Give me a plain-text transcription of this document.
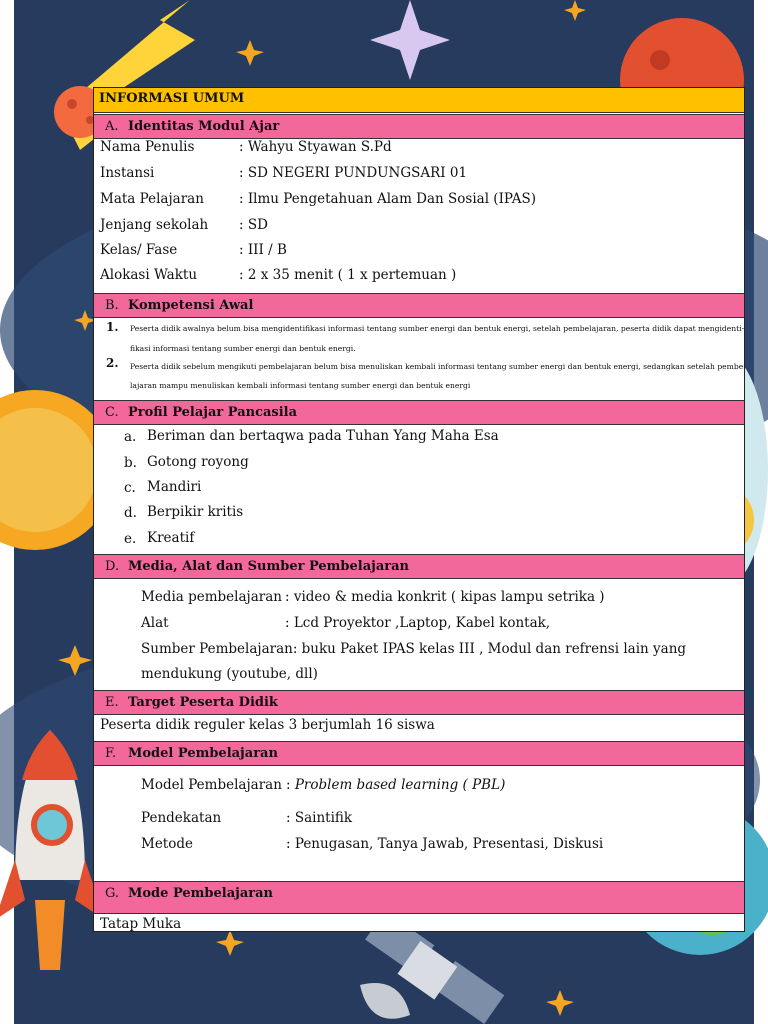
INFORMASI UMUM
A. Identitas Modul Ajar
Nama Penulis	: Wahyu Styawan S.Pd
Instansi	: SD NEGERI PUNDUNGSARI 01
Mata Pelajaran	: Ilmu Pengetahuan Alam Dan Sosial (IPAS)
Jenjang sekolah : SD
Kelas/ Fase	: III / B
Alokasi Waktu	: 2 x 35 menit ( 1 x pertemuan )
B. Kompetensi Awal
1. Peserta didik awalnya belum bisa mengidentifikasi informasi tentang sumber energi dan bentuk energi, setelah pembelajaran, peserta didik dapat mengidenti-
fikasi informasi tentang sumber energi dan bentuk energi.
2. Peserta didik sebelum mengikuti pembelajaran belum bisa menuliskan kembali informasi tentang sumber energi dan bentuk energi, sedangkan setelah pembe-
lajaran mampu menuliskan kembali informasi tentang sumber energi dan bentuk energi
C. Profil Pelajar Pancasila
a. Beriman dan bertaqwa pada Tuhan Yang Maha Esa
b. Gotong royong
c. Mandiri
d. Berpikir kritis
e. Kreatif
D. Media, Alat dan Sumber Pembelajaran
Media pembelajaran : video & media konkrit ( kipas lampu setrika )
Alat	: Lcd Proyektor ,Laptop, Kabel kontak,
Sumber Pembelajaran: buku Paket IPAS kelas III , Modul dan refrensi lain yang
mendukung (youtube, dll)
E. Target Peserta Didik
Peserta didik reguler kelas 3 berjumlah 16 siswa
F. Model Pembelajaran
Model Pembelajaran : Problem based learning ( PBL)
Pendekatan	: Saintifik
Metode	: Penugasan, Tanya Jawab, Presentasi, Diskusi
G. Mode Pembelajaran
Tatap Muka
